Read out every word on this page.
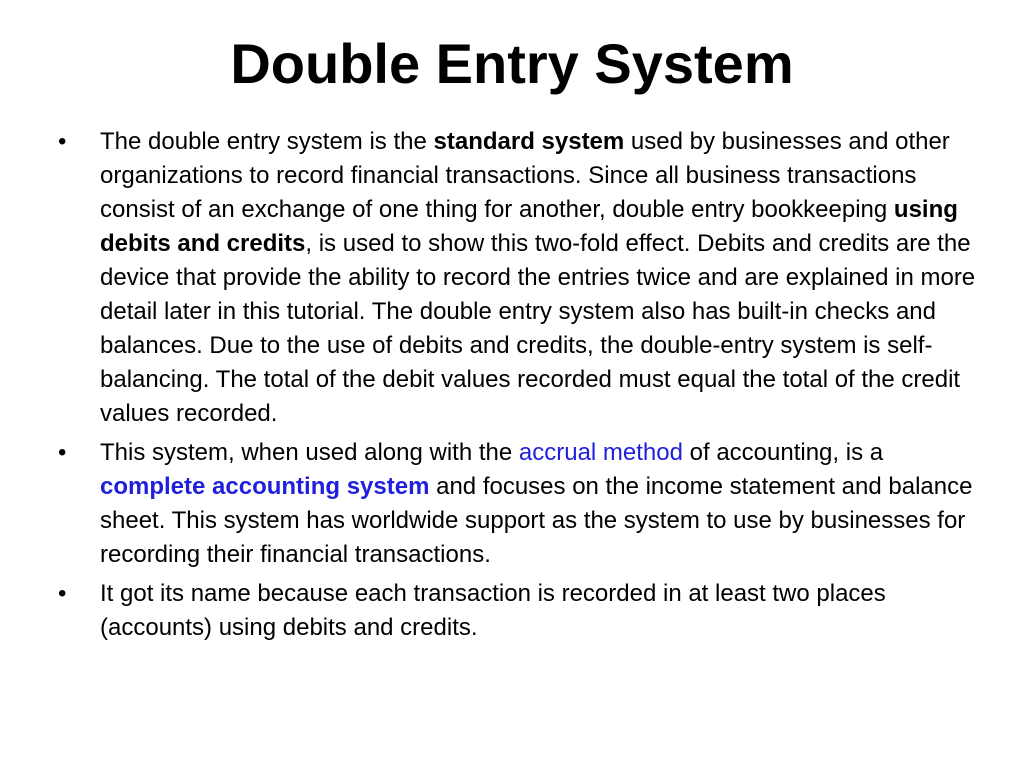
Double Entry System
• The double entry system is the standard system used by businesses and other organizations to record financial transactions. Since all business transactions consist of an exchange of one thing for another, double entry bookkeeping using debits and credits, is used to show this two-fold effect. Debits and credits are the device that provide the ability to record the entries twice and are explained in more detail later in this tutorial. The double entry system also has built-in checks and balances. Due to the use of debits and credits, the double-entry system is self-balancing. The total of the debit values recorded must equal the total of the credit values recorded.
• This system, when used along with the accrual method of accounting, is a complete accounting system and focuses on the income statement and balance sheet. This system has worldwide support as the system to use by businesses for recording their financial transactions.
• It got its name because each transaction is recorded in at least two places (accounts) using debits and credits.
